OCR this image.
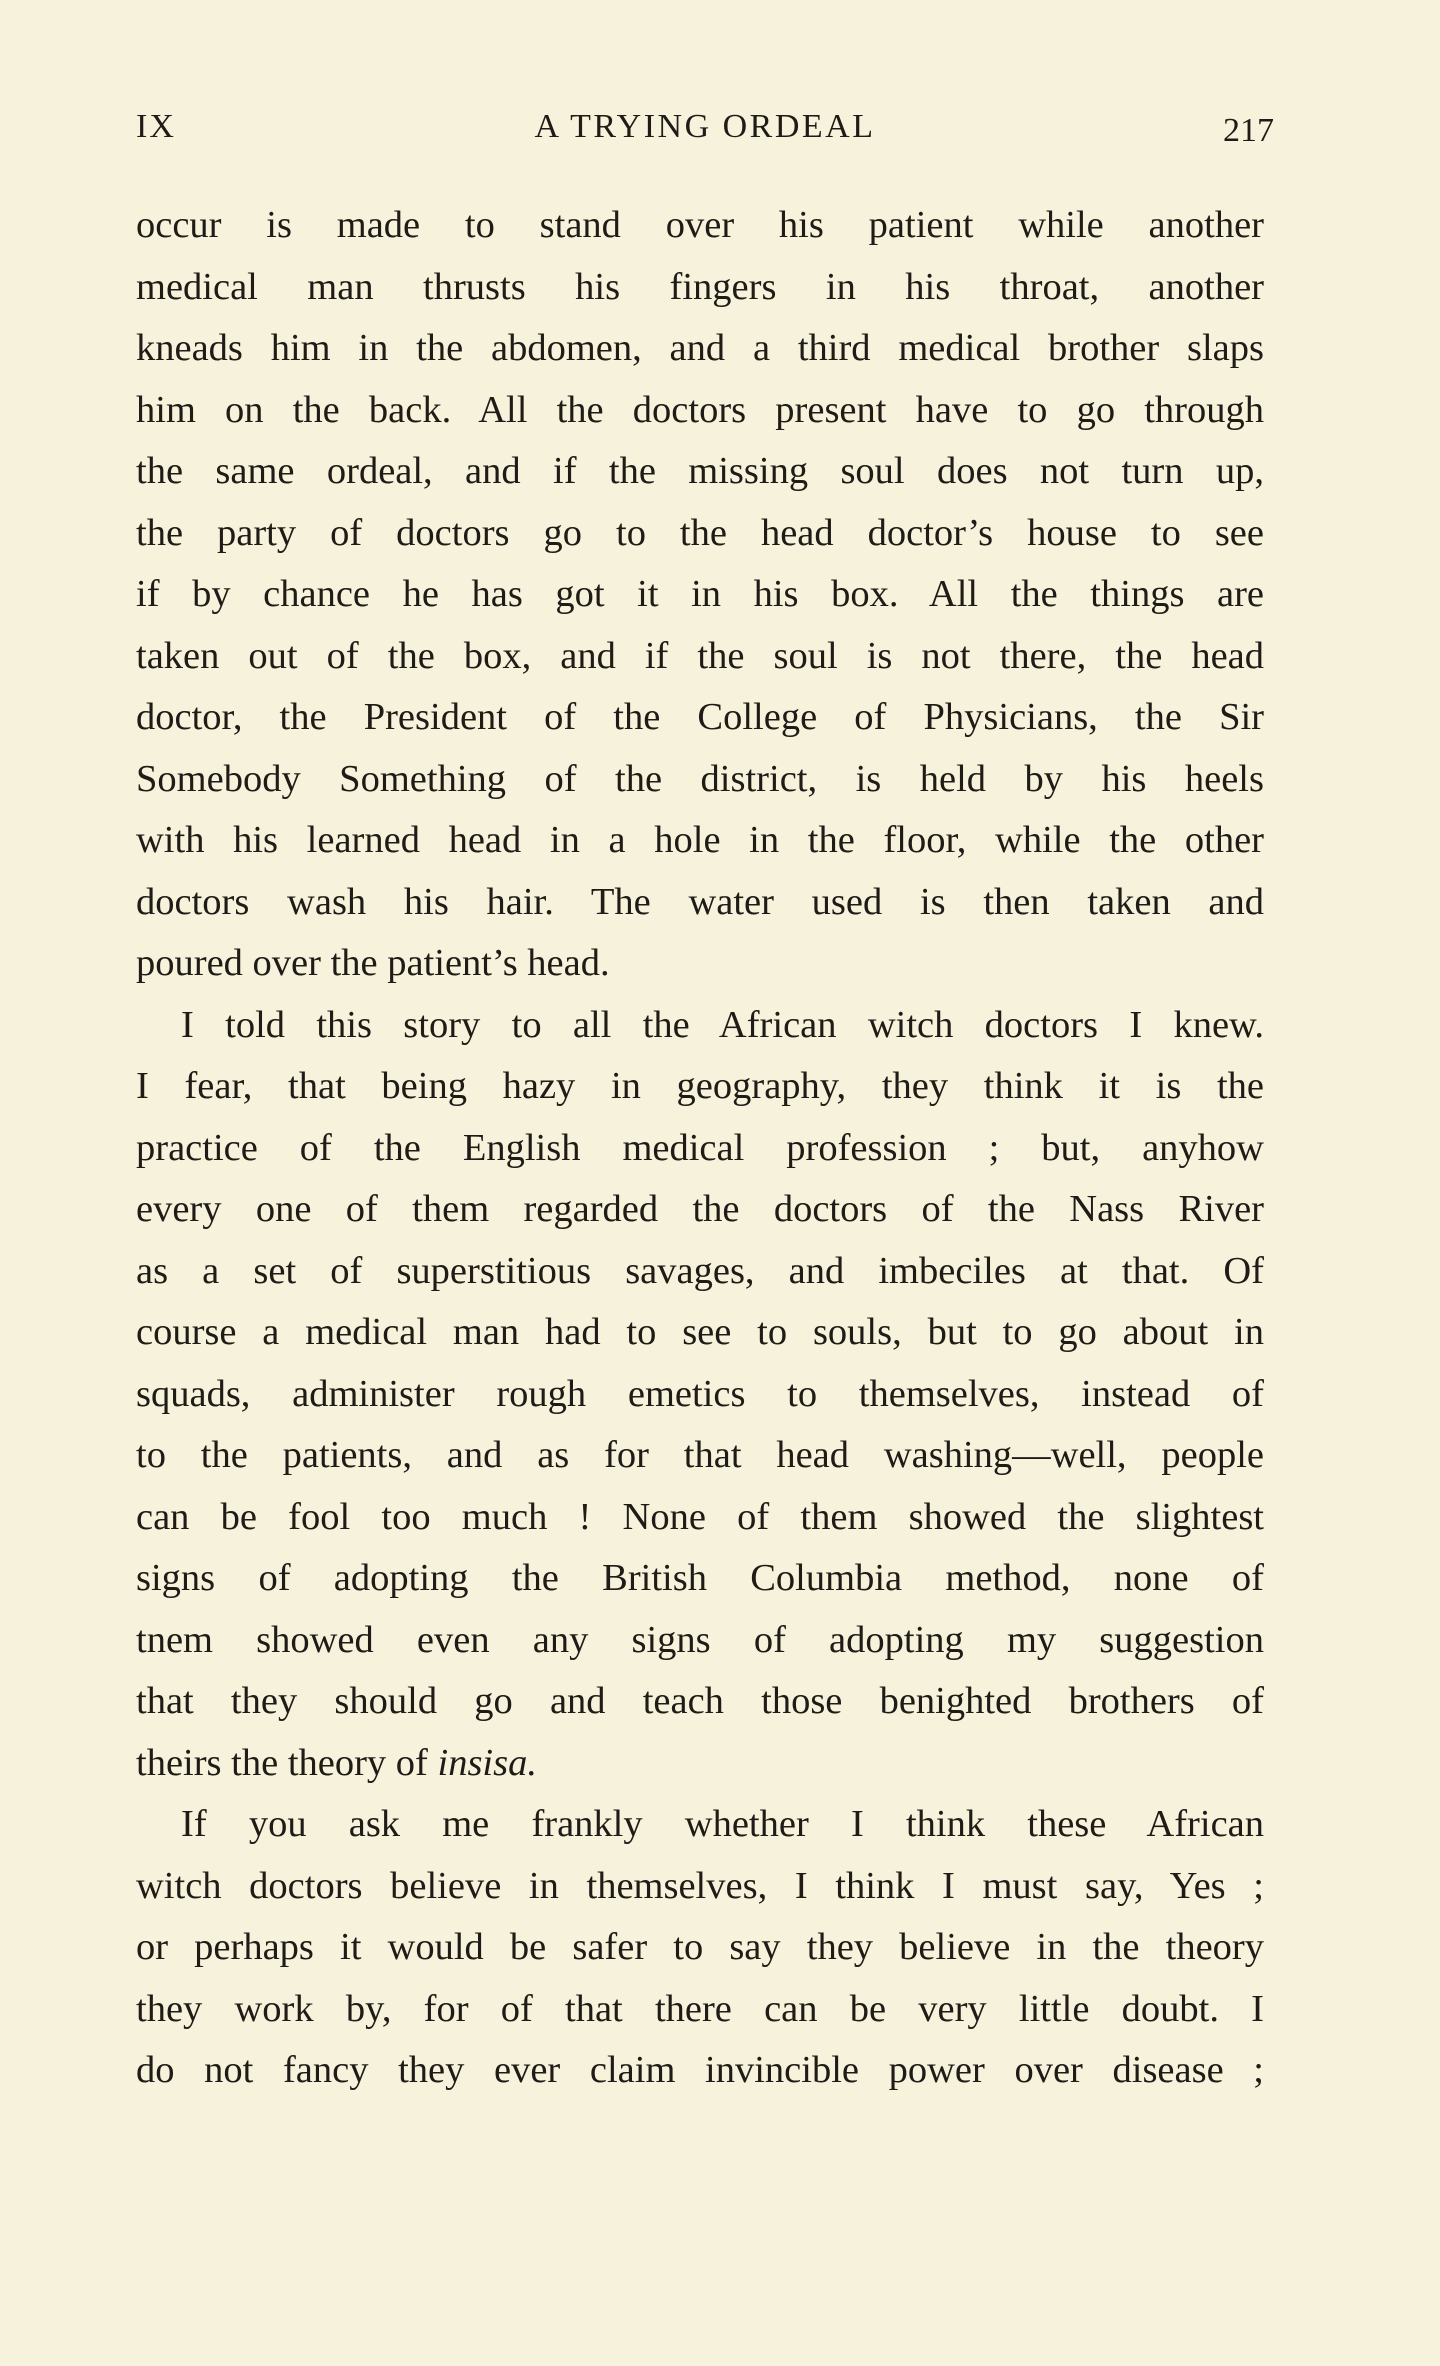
IX	A TRYING ORDEAL	217
occur is made to stand over his patient while another
medical man thrusts his fingers in his throat, another
kneads him in the abdomen, and a third medical brother slaps
him on the back. All the doctors present have to go through
the same ordeal, and if the missing soul does not turn up,
the party of doctors go to the head doctor’s house to see
if by chance he has got it in his box. All the things are
taken out of the box, and if the soul is not there, the head
doctor, the President of the College of Physicians, the Sir
Somebody Something of the district, is held by his heels
with his learned head in a hole in the floor, while the other
doctors wash his hair. The water used is then taken and
poured over the patient’s head.
I told this story to all the African witch doctors I knew.
I fear, that being hazy in geography, they think it is the
practice of the English medical profession ; but, anyhow
every one of them regarded the doctors of the Nass River
as a set of superstitious savages, and imbeciles at that. Of
course a medical man had to see to souls, but to go about in
squads, administer rough emetics to themselves, instead of
to the patients, and as for that head washing—well, people
can be fool too much ! None of them showed the slightest
signs of adopting the British Columbia method, none of
tnem showed even any signs of adopting my suggestion
that they should go and teach those benighted brothers of
theirs the theory of insisa.
If you ask me frankly whether I think these African
witch doctors believe in themselves, I think I must say, Yes ;
or perhaps it would be safer to say they believe in the theory
they work by, for of that there can be very little doubt. I
do not fancy they ever claim invincible power over disease ;
